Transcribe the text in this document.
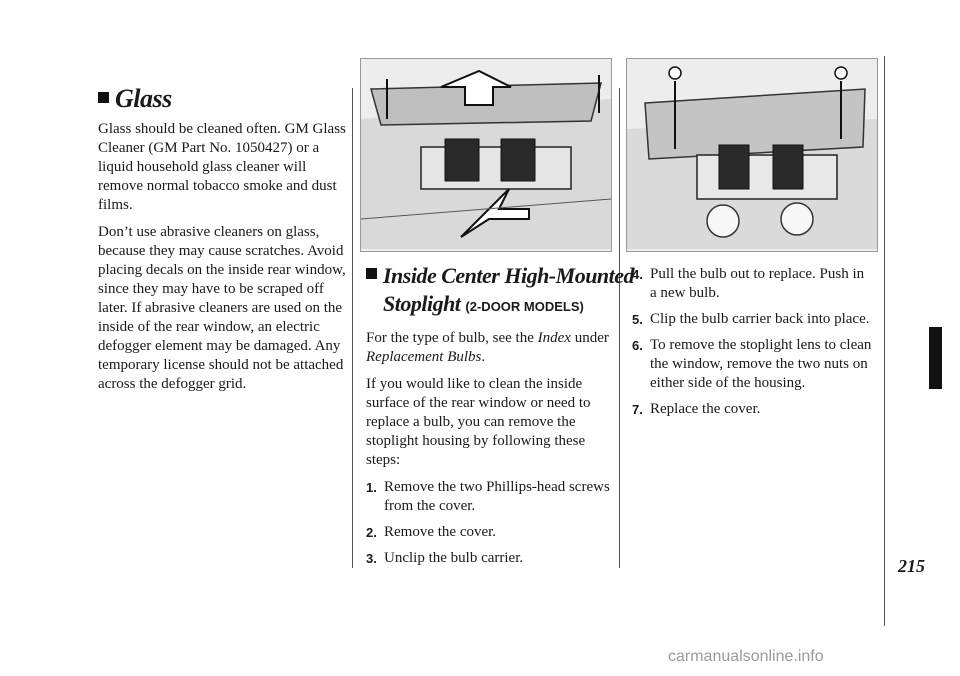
Glass

Glass should be cleaned often. GM Glass Cleaner (GM Part No. 1050427) or a liquid household glass cleaner will remove normal tobacco smoke and dust films.

Don’t use abrasive cleaners on glass, because they may cause scratches. Avoid placing decals on the inside rear window, since they may have to be scraped off later. If abrasive cleaners are used on the inside of the rear window, an electric defogger element may be damaged. Any temporary license should not be attached across the defogger grid.

Inside Center High-Mounted
Stoplight (2-DOOR MODELS)

For the type of bulb, see the Index under Replacement Bulbs.

If you would like to clean the inside surface of the rear window or need to replace a bulb, you can remove the stoplight housing by following these steps:

1. Remove the two Phillips-head screws from the cover.
2. Remove the cover.
3. Unclip the bulb carrier.
4. Pull the bulb out to replace. Push in a new bulb.
5. Clip the bulb carrier back into place.
6. To remove the stoplight lens to clean the window, remove the two nuts on either side of the housing.
7. Replace the cover.
215
carmanualsonline.info
